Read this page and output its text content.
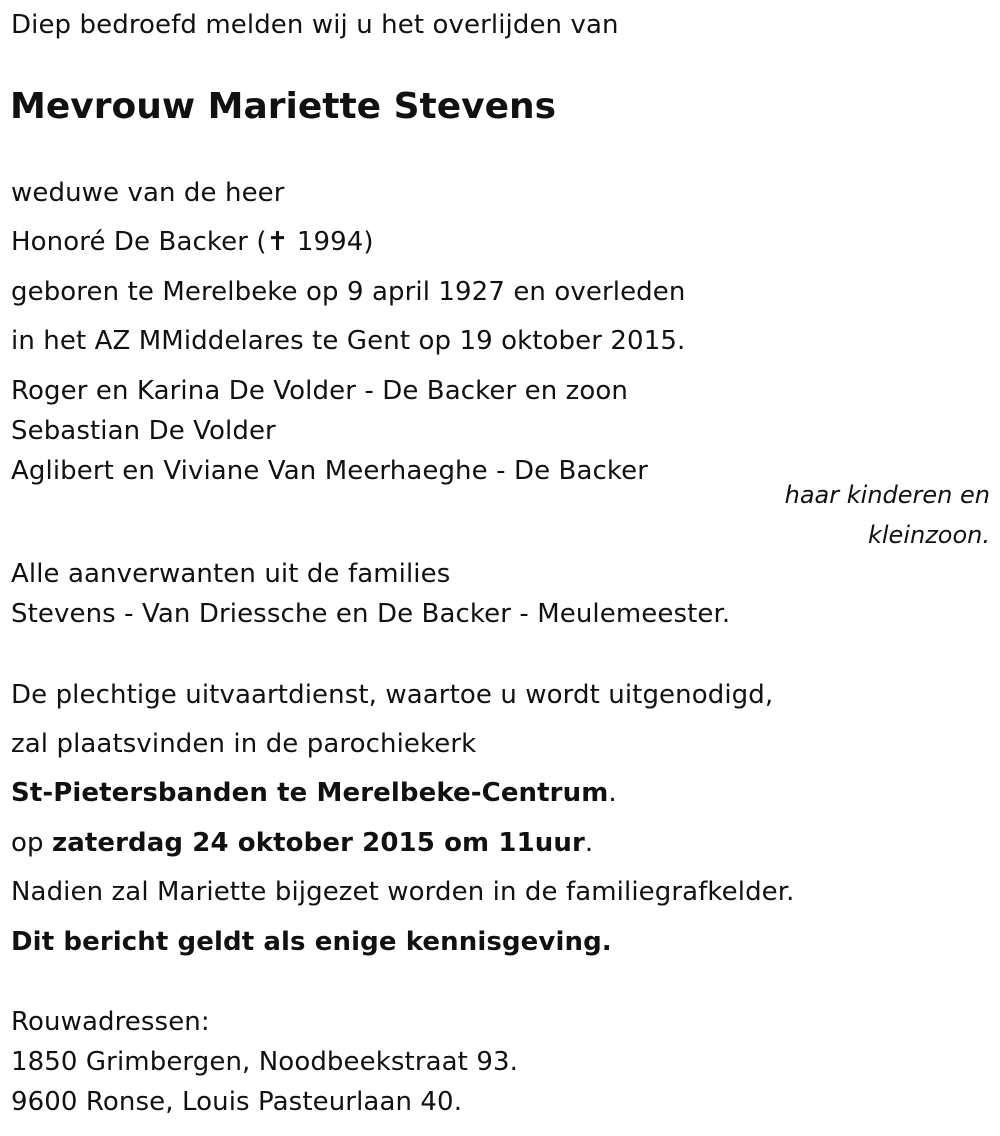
Diep bedroefd melden wij u het overlijden van
Mevrouw Mariette Stevens
weduwe van de heer
Honoré De Backer (✝ 1994)
geboren te Merelbeke op 9 april 1927 en overleden
in het AZ MMiddelares te Gent op 19 oktober 2015.
Roger en Karina De Volder - De Backer en zoon
Sebastian De Volder
Aglibert en Viviane Van Meerhaeghe - De Backer
haar kinderen en
kleinzoon.
Alle aanverwanten uit de families
Stevens - Van Driessche en De Backer - Meulemeester.
De plechtige uitvaartdienst, waartoe u wordt uitgenodigd,
zal plaatsvinden in de parochiekerk
St-Pietersbanden te Merelbeke-Centrum.
op zaterdag 24 oktober 2015 om 11uur.
Nadien zal Mariette bijgezet worden in de familiegrafkelder.
Dit bericht geldt als enige kennisgeving.
Rouwadressen:
1850 Grimbergen, Noodbeekstraat 93.
9600 Ronse, Louis Pasteurlaan 40.
